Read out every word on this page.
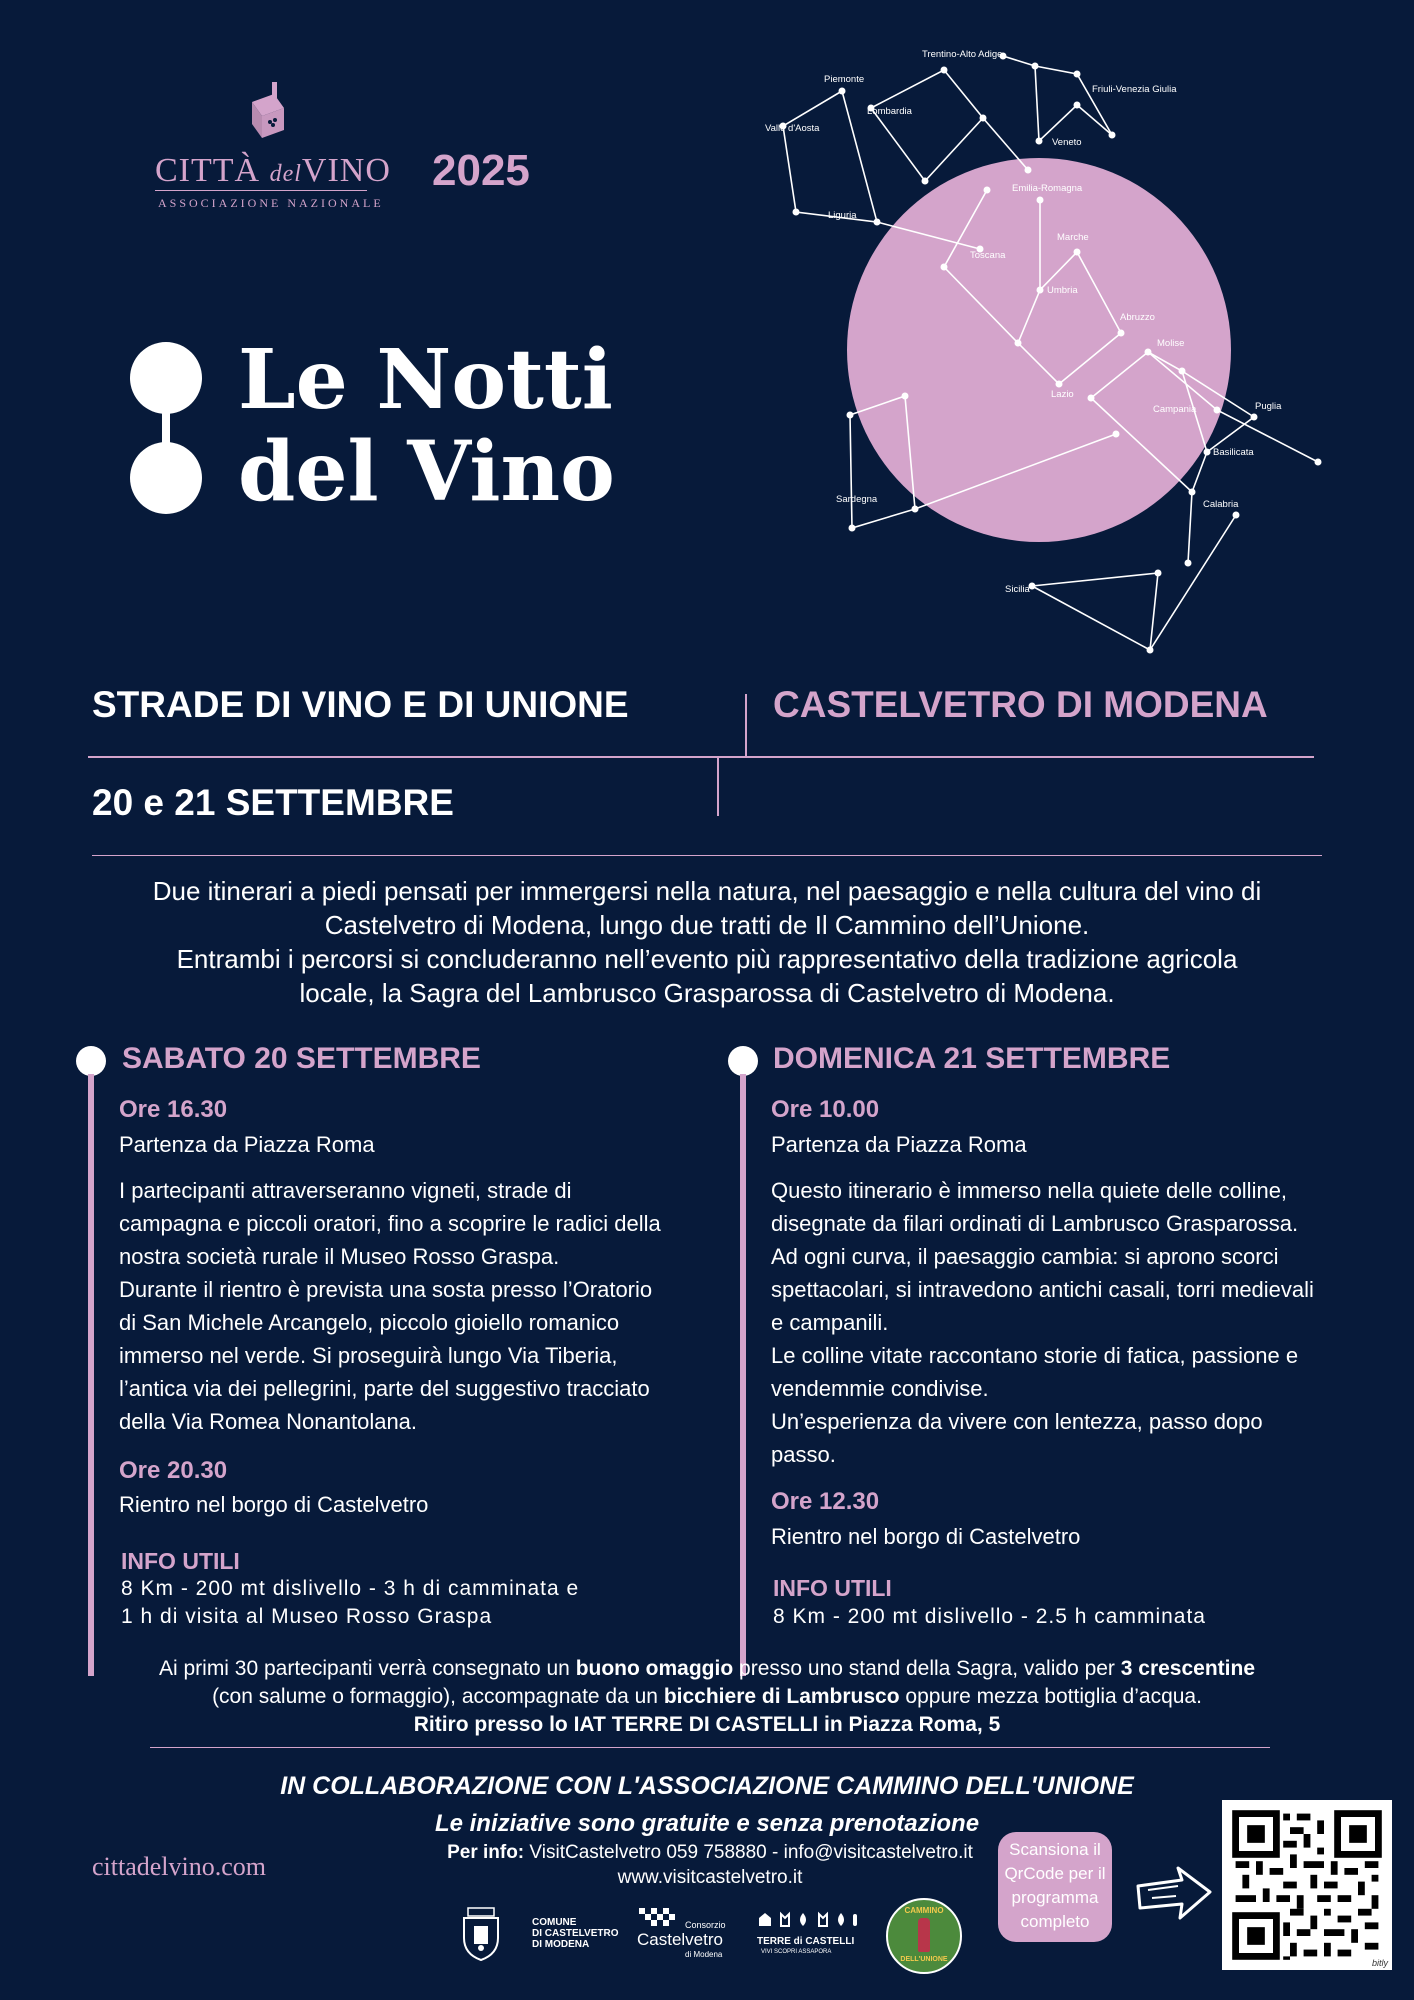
CITTÀ delVINO
ASSOCIAZIONE NAZIONALE
2025
Le Notti
del Vino
Trentino-Alto Adige
Piemonte
Lombardia
Friuli-Venezia Giulia
Valle d'Aosta
Veneto
Liguria
Emilia-Romagna
Toscana
Marche
Umbria
Abruzzo
Molise
Lazio
Campania	Puglia
Basilicata
Sardegna	Calabria
Sicilia
STRADE DI VINO E DI UNIONE	CASTELVETRO DI MODENA
20 e 21 SETTEMBRE
Due itinerari a piedi pensati per immergersi nella natura, nel paesaggio e nella cultura del vino di
Castelvetro di Modena, lungo due tratti de Il Cammino dell’Unione.
Entrambi i percorsi si concluderanno nell’evento più rappresentativo della tradizione agricola
locale, la Sagra del Lambrusco Grasparossa di Castelvetro di Modena.
SABATO 20 SETTEMBRE
Ore 16.30
Partenza da Piazza Roma
I partecipanti attraverseranno vigneti, strade di
campagna e piccoli oratori, fino a scoprire le radici della
nostra società rurale il Museo Rosso Graspa.
Durante il rientro è prevista una sosta presso l’Oratorio
di San Michele Arcangelo, piccolo gioiello romanico
immerso nel verde. Si proseguirà lungo Via Tiberia,
l’antica via dei pellegrini, parte del suggestivo tracciato
della Via Romea Nonantolana.
Ore 20.30
Rientro nel borgo di Castelvetro
INFO UTILI
8 Km - 200 mt dislivello - 3 h di camminata e
1 h di visita al Museo Rosso Graspa
DOMENICA 21 SETTEMBRE
Ore 10.00
Partenza da Piazza Roma
Questo itinerario è immerso nella quiete delle colline,
disegnate da filari ordinati di Lambrusco Grasparossa.
Ad ogni curva, il paesaggio cambia: si aprono scorci
spettacolari, si intravedono antichi casali, torri medievali
e campanili.
Le colline vitate raccontano storie di fatica, passione e
vendemmie condivise.
Un’esperienza da vivere con lentezza, passo dopo
passo.
Ore 12.30
Rientro nel borgo di Castelvetro
INFO UTILI
8 Km - 200 mt dislivello - 2.5 h camminata
Ai primi 30 partecipanti verrà consegnato un buono omaggio presso uno stand della Sagra, valido per 3 crescentine
(con salume o formaggio), accompagnate da un bicchiere di Lambrusco oppure mezza bottiglia d’acqua.
Ritiro presso lo IAT TERRE DI CASTELLI in Piazza Roma, 5
IN COLLABORAZIONE CON L'ASSOCIAZIONE CAMMINO DELL'UNIONE
Le iniziative sono gratuite e senza prenotazione
Per info: VisitCastelvetro 059 758880 - info@visitcastelvetro.it
www.visitcastelvetro.it
cittadelvino.com
Scansiona il
QrCode per il
programma
completo
bitly
COMUNE
DI CASTELVETRO
DI MODENA
Consorzio
Castelvetro
di Modena
TERRE di CASTELLI
VIVI SCOPRI ASSAPORA
CAMMINO
DELL'UNIONE
